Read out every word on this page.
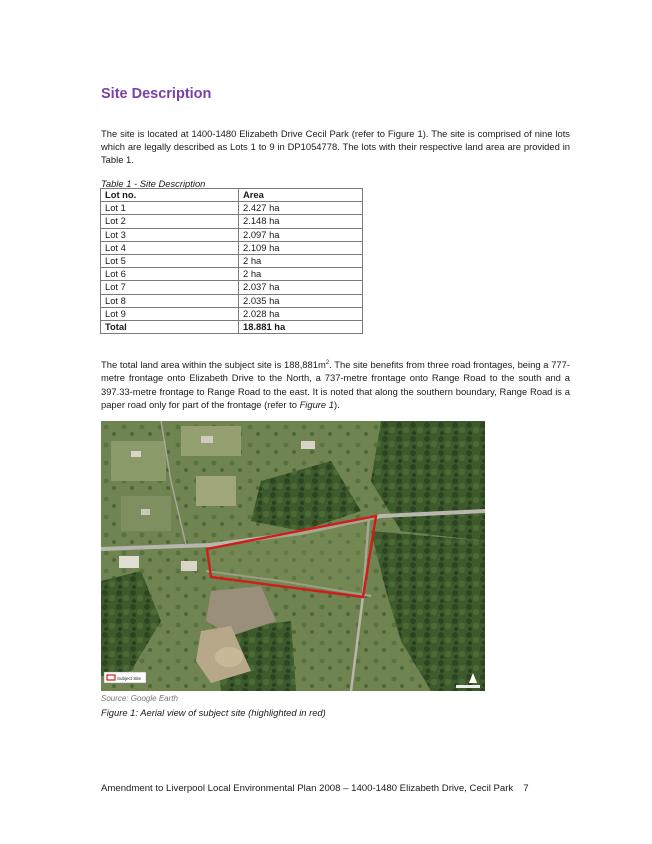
Site Description

The site is located at 1400-1480 Elizabeth Drive Cecil Park (refer to Figure 1). The site is comprised of nine lots which are legally described as Lots 1 to 9 in DP1054778. The lots with their respective land area are provided in Table 1.

Table 1 - Site Description
Lot no.	Area
Lot 1	2.427 ha
Lot 2	2.148 ha
Lot 3	2.097 ha
Lot 4	2.109 ha
Lot 5	2 ha
Lot 6	2 ha
Lot 7	2.037 ha
Lot 8	2.035 ha
Lot 9	2.028 ha
Total	18.881 ha

The total land area within the subject site is $188,881m^2$. The site benefits from three road frontages, being a 777-metre frontage onto Elizabeth Drive to the North, a 737-metre frontage onto Range Road to the south and a 397.33-metre frontage to Range Road to the east. It is noted that along the southern boundary, Range Road is a paper road only for part of the frontage (refer to Figure 1).

Subject Site
Source: Google Earth
Figure 1: Aerial view of subject site (highlighted in red)
Amendment to Liverpool Local Environmental Plan 2008 – 1400-1480 Elizabeth Drive, Cecil Park 7
